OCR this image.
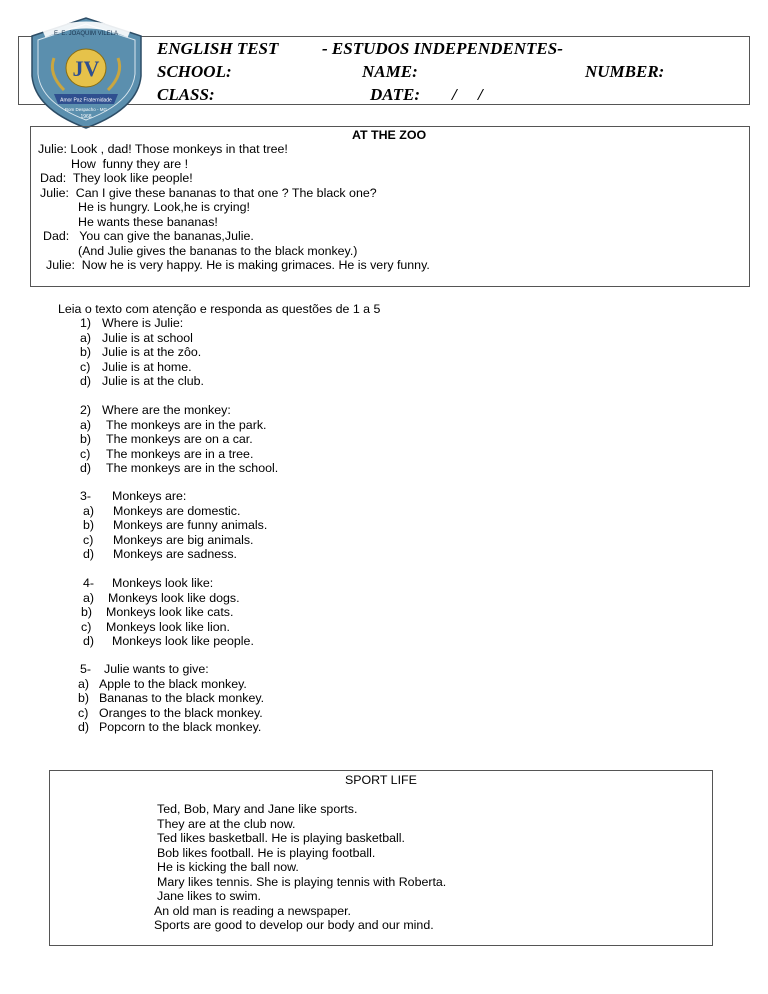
E. E. JOAQUIM VILELA
JV
Amor Paz Fraternidade
Bom Despacho - MG
1968
ENGLISH TEST	- ESTUDOS INDEPENDENTES-
SCHOOL:	NAME:	NUMBER:
CLASS:	DATE: /     /
AT THE ZOO
Julie: Look , dad! Those monkeys in that tree!
How  funny they are !
Dad:  They look like people!
Julie:  Can I give these bananas to that one ? The black one?
He is hungry. Look,he is crying!
He wants these bananas!
Dad:   You can give the bananas,Julie.
(And Julie gives the bananas to the black monkey.)
Julie:  Now he is very happy. He is making grimaces. He is very funny.
Leia o texto com atenção e responda as questões de 1 a 5
1) Where is Julie:
a) Julie is at school
b) Julie is at the zôo.
c) Julie is at home.
d) Julie is at the club.
2) Where are the monkey:
a) The monkeys are in the park.
b) The monkeys are on a car.
c) The monkeys are in a tree.
d) The monkeys are in the school.
3- Monkeys are:
a) Monkeys are domestic.
b) Monkeys are funny animals.
c) Monkeys are big animals.
d) Monkeys are sadness.
4- Monkeys look like:
a) Monkeys look like dogs.
b) Monkeys look like cats.
c) Monkeys look like lion.
d) Monkeys look like people.
5- Julie wants to give:
a) Apple to the black monkey.
b) Bananas to the black monkey.
c) Oranges to the black monkey.
d) Popcorn to the black monkey.
SPORT LIFE
Ted, Bob, Mary and Jane like sports.
They are at the club now.
Ted likes basketball. He is playing basketball.
Bob likes football. He is playing football.
He is kicking the ball now.
Mary likes tennis. She is playing tennis with Roberta.
Jane likes to swim.
An old man is reading a newspaper.
Sports are good to develop our body and our mind.
